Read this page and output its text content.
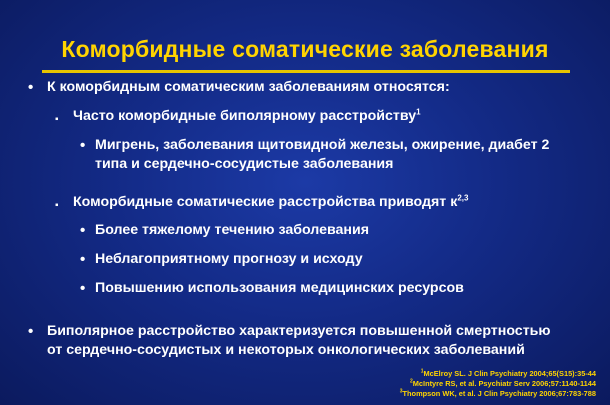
Коморбидные соматические заболевания
• К коморбидным соматическим заболеваниям относятся:
▪ Часто коморбидные биполярному расстройству$^1$
• Мигрень, заболевания щитовидной железы, ожирение, диабет 2
типа и сердечно-сосудистые заболевания
▪ Коморбидные соматические расстройства приводят $к^{2,3}$
• Более тяжелому течению заболевания
• Неблагоприятному прогнозу и исходу
• Повышению использования медицинских ресурсов
• Биполярное расстройство характеризуется повышенной смертностью
от сердечно-сосудистых и некоторых онкологических заболеваний
$^1$McElroy SL. J Clin Psychiatry 2004;65(S15):35-44
$^2$McIntyre RS, et al. Psychiatr Serv 2006;57:1140-1144
$^3$Thompson WK, et al. J Clin Psychiatry 2006;67:783-788
